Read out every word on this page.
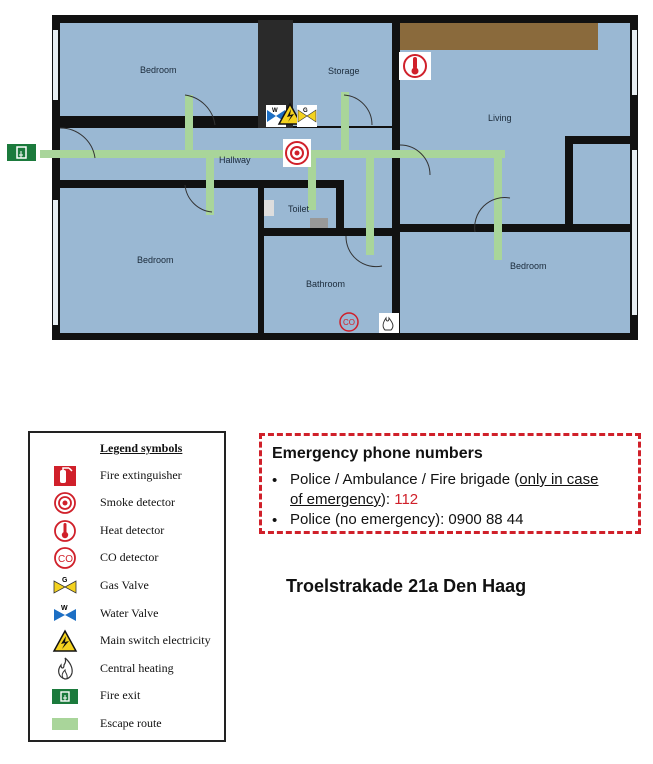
Bedroom	Storage
Living
Hallway
Toilet
Bedroom
Bathroom
Bedroom
W	G
CO
Legend symbols
Fire extinguisher
Smoke detector
Heat detector
CO CO detector
G	Gas Valve
W	Water Valve
Main switch electricity
Central heating
Fire exit
Escape route
Emergency phone numbers
• Police / Ambulance / Fire brigade (only in case
of emergency): 112
• Police (no emergency): 0900 88 44
Troelstrakade 21a Den Haag
